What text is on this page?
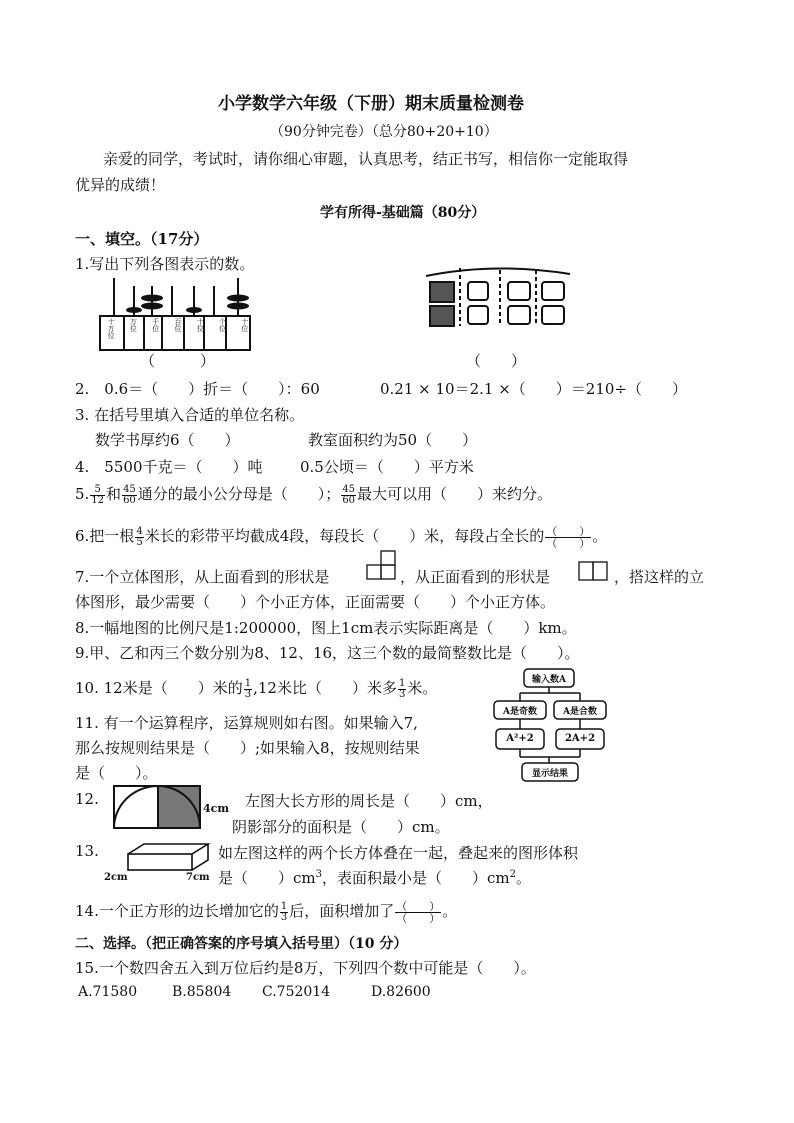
小学数学六年级（下册）期末质量检测卷
（90分钟完卷）（总分80+20+10）
亲爱的同学，考试时，请你细心审题，认真思考，结正书写，相信你一定能取得
优异的成绩！
学有所得-基础篇（80分）
一、填空。（17分）
1.写出下列各图表示的数。
十万位 万位 千位 百位 十位 个位 十位
（　　　）	（　　）
2.　0.6＝（　　）折＝（　　）：60	0.21 × 10＝2.1 ×（　　）＝210÷（　　）
3. 在括号里填入合适的单位名称。
数学书厚约6（　　）	教室面积约为50（　　）
4.　5500千克＝（　　）吨	0.5公顷＝（　　）平方米
5. $\frac{5}{12}$ 和 $\frac{45}{60}$ 通分的最小公分母是（　　）； $\frac{45}{60}$ 最大可以用（　　）来约分。
6.把一根 $\frac{4}{5}$ 米长的彩带平均截成4段，每段长（　　）米，每段占全长的 $\frac{( )}{( )}$ 。
7.一个立体图形，从上面看到的形状是	，从正面看到的形状是	，搭这样的立
体图形，最少需要（　　）个小正方体，正面需要（　　）个小正方体。
8.一幅地图的比例尺是1:200000，图上1cm表示实际距离是（　　）km。
9.甲、乙和丙三个数分别为8、12、16，这三个数的最简整数比是（　　）。
10. 12米是（　　）米的 $\frac{1}{3} ,12$米比（　　）米多 $\frac{1}{3}$ 米。
11. 有一个运算程序，运算规则如右图。如果输入7,
那么按规则结果是（　　）;如果输入8，按规则结果
是（　　）。
输入数A
A是奇数	A是合数
A²+2	2A+2
显示结果
12.
4cm 左图大长方形的周长是（　　）cm，
阴影部分的面积是（　　）cm。
13.
2cm	7cm
如左图这样的两个长方体叠在一起，叠起来的图形体积
是（　　）$cm^3$，表面积最小是（　　）$cm^2$。
14.一个正方形的边长增加它的 $\frac{1}{3}$ 后，面积增加了 $\frac{( )}{( )}$ 。
二、选择。（把正确答案的序号填入括号里）（10 分）
15.一个数四舍五入到万位后约是8万，下列四个数中可能是（　　）。
A.71580 B.85804 C.752014	D.82600
